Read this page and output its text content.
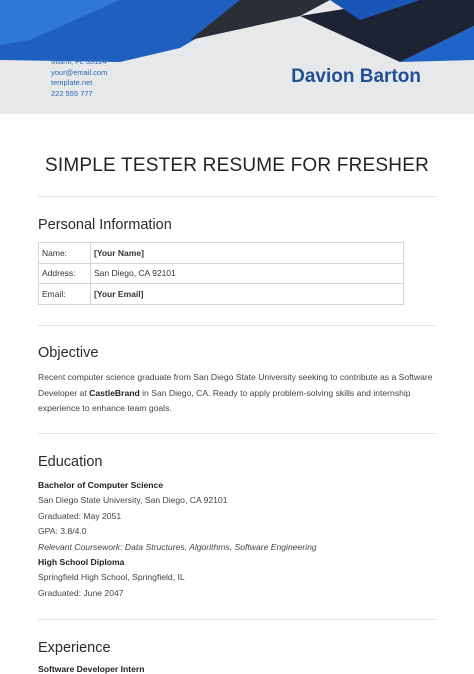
Miami, FL 33124
your@email.com
template.net
222 555 777
Davion Barton
SIMPLE TESTER RESUME FOR FRESHER
Personal Information
Name:	[Your Name]
Address:	San Diego, CA 92101
Email:	[Your Email]
Objective
Recent computer science graduate from San Diego State University seeking to contribute as a Software Developer at CastleBrand in San Diego, CA. Ready to apply problem-solving skills and internship experience to enhance team goals.
Education
Bachelor of Computer Science
San Diego State University, San Diego, CA 92101
Graduated: May 2051
GPA: 3.8/4.0
Relevant Coursework: Data Structures, Algorithms, Software Engineering
High School Diploma
Springfield High School, Springfield, IL
Graduated: June 2047
Experience
Software Developer Intern
